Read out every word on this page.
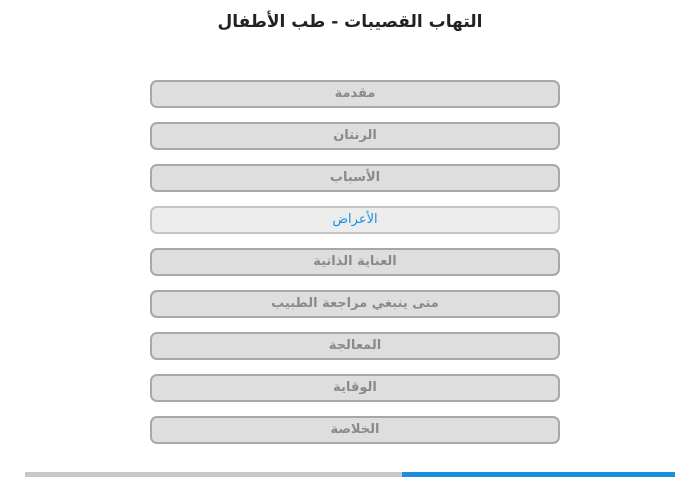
التهاب القصيبات - طب الأطفال
مقدمة
الرنتان
الأسباب
الأعراض
العناية الذاتية
متى ينبغي مراجعة الطبيب
المعالجة
الوقاية
الخلاصة
